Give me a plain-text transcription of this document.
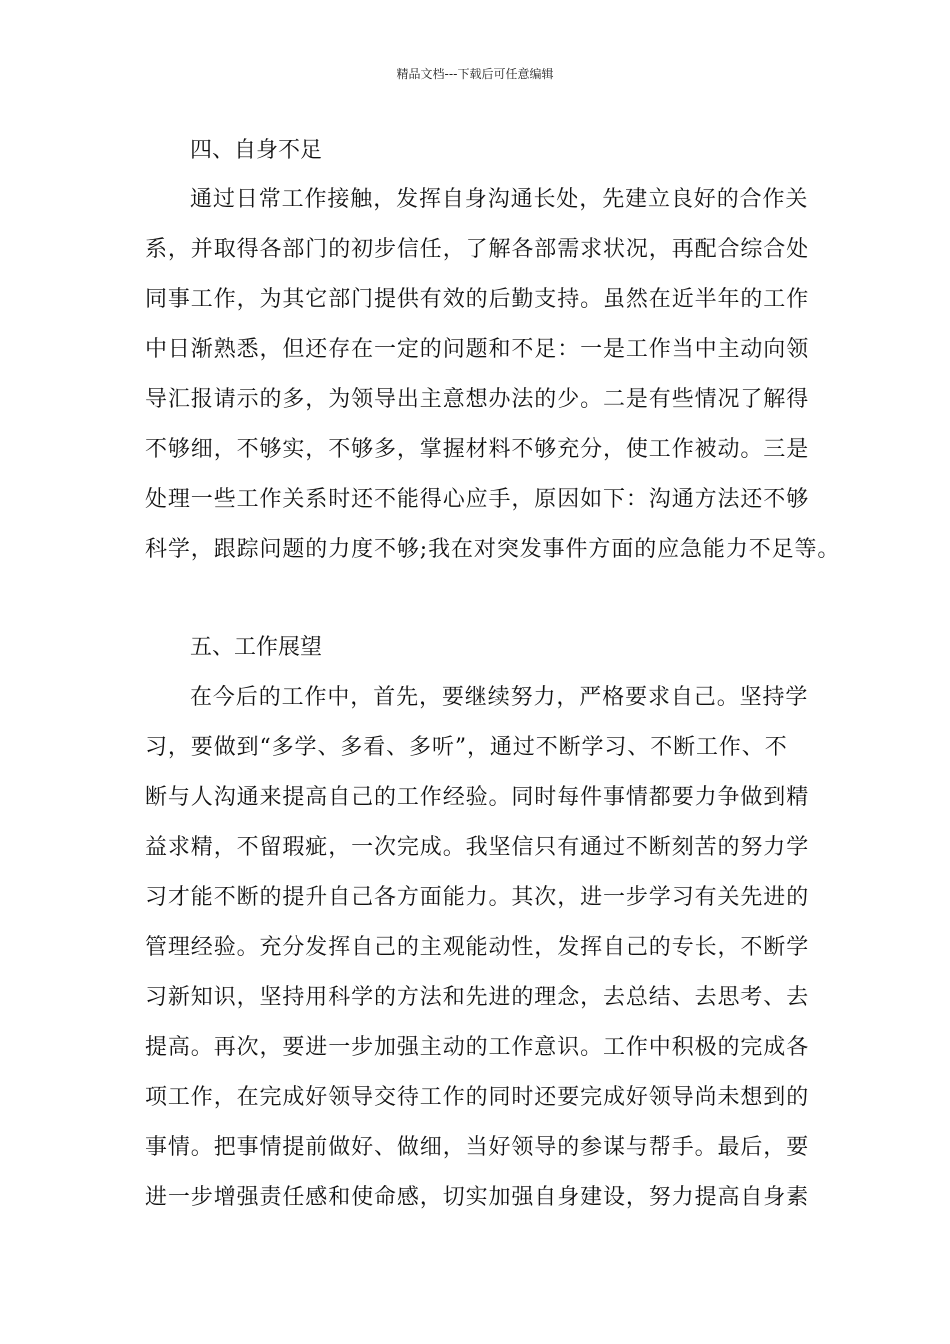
精品文档---下载后可任意编辑
四、自身不足
通过日常工作接触，发挥自身沟通长处，先建立良好的合作关
系，并取得各部门的初步信任，了解各部需求状况，再配合综合处
同事工作，为其它部门提供有效的后勤支持。虽然在近半年的工作
中日渐熟悉，但还存在一定的问题和不足：一是工作当中主动向领
导汇报请示的多，为领导出主意想办法的少。二是有些情况了解得
不够细，不够实，不够多，掌握材料不够充分，使工作被动。三是
处理一些工作关系时还不能得心应手，原因如下：沟通方法还不够
科学，跟踪问题的力度不够;我在对突发事件方面的应急能力不足等。
五、工作展望
在今后的工作中，首先，要继续努力，严格要求自己。坚持学
习，要做到“多学、多看、多听”，通过不断学习、不断工作、不
断与人沟通来提高自己的工作经验。同时每件事情都要力争做到精
益求精，不留瑕疵，一次完成。我坚信只有通过不断刻苦的努力学
习才能不断的提升自己各方面能力。其次，进一步学习有关先进的
管理经验。充分发挥自己的主观能动性，发挥自己的专长，不断学
习新知识，坚持用科学的方法和先进的理念，去总结、去思考、去
提高。再次，要进一步加强主动的工作意识。工作中积极的完成各
项工作，在完成好领导交待工作的同时还要完成好领导尚未想到的
事情。把事情提前做好、做细，当好领导的参谋与帮手。最后，要
进一步增强责任感和使命感，切实加强自身建设，努力提高自身素
